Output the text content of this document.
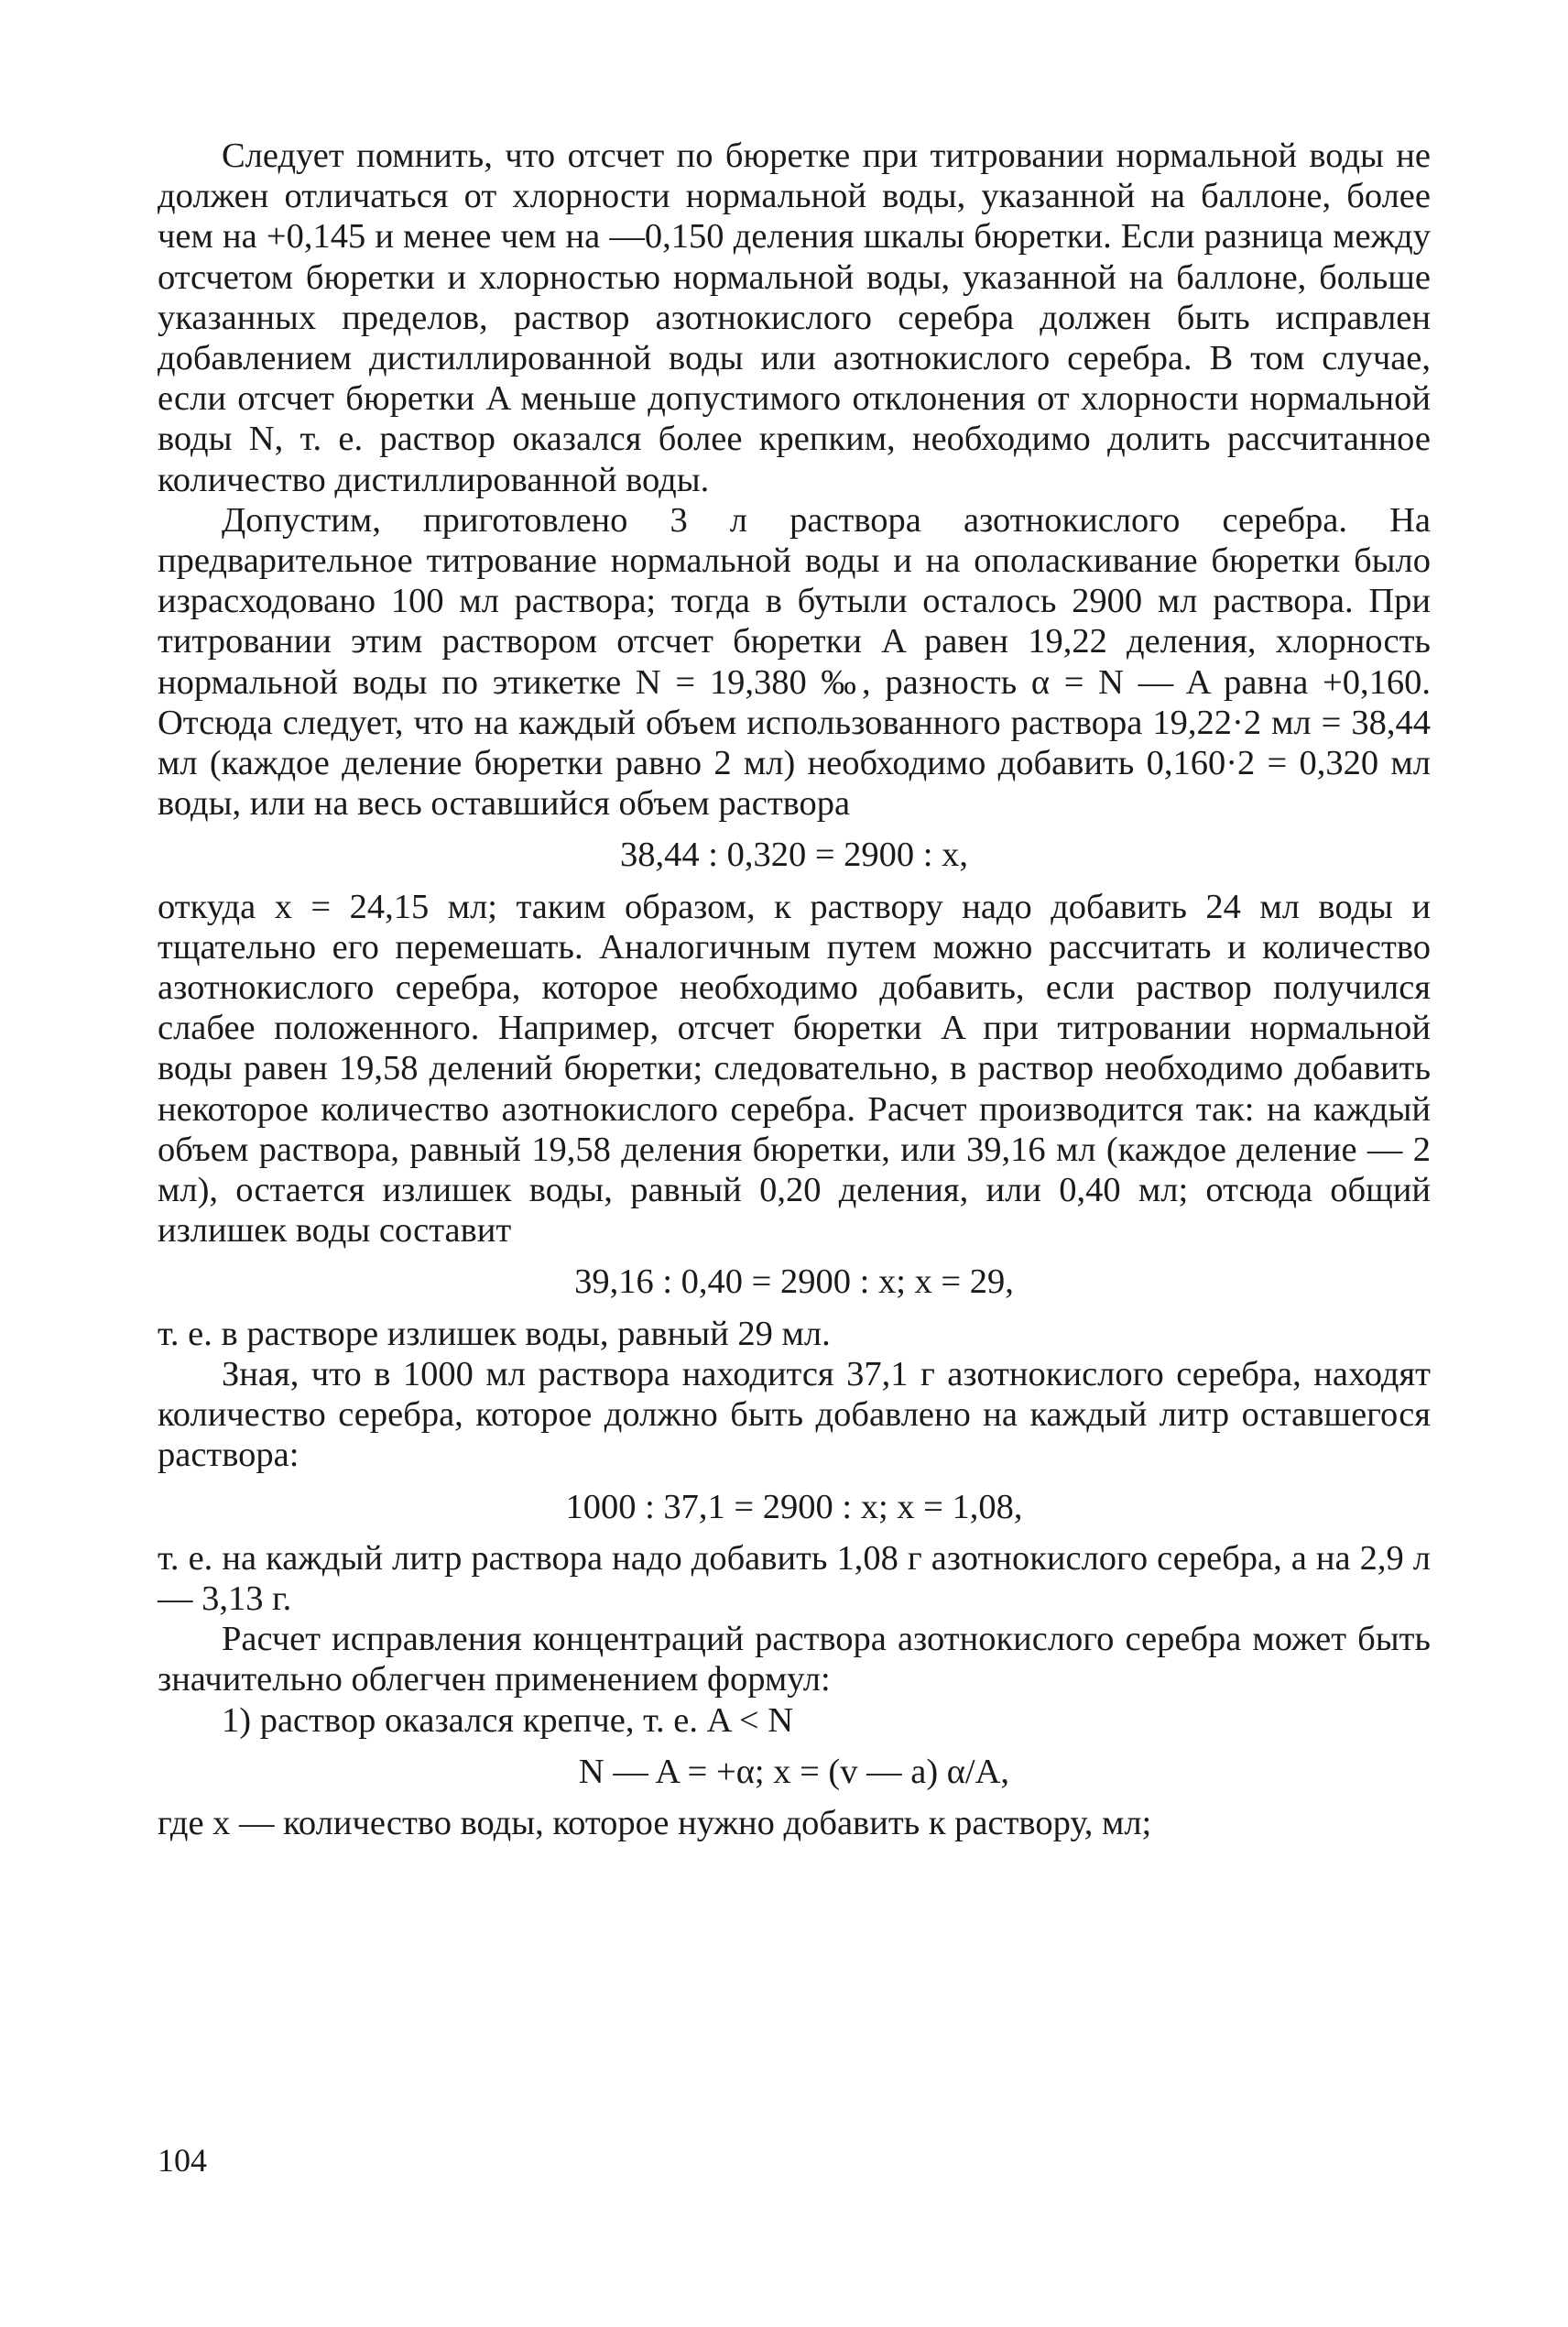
Следует помнить, что отсчет по бюретке при титровании нормальной воды не должен отличаться от хлорности нормальной воды, указанной на баллоне, более чем на +0,145 и менее чем на —0,150 деления шкалы бюретки. Если разница между отсчетом бюретки и хлорностью нормальной воды, указанной на баллоне, больше указанных пределов, раствор азотнокислого серебра должен быть исправлен добавлением дистиллированной воды или азотнокислого серебра. В том случае, если отсчет бюретки A меньше допустимого отклонения от хлорности нормальной воды N, т. е. раствор оказался более крепким, необходимо долить рассчитанное количество дистиллированной воды.

Допустим, приготовлено 3 л раствора азотнокислого серебра. На предварительное титрование нормальной воды и на ополаскивание бюретки было израсходовано 100 мл раствора; тогда в бутыли осталось 2900 мл раствора. При титровании этим раствором отсчет бюретки A равен 19,22 деления, хлорность нормальной воды по этикетке N = 19,380 ‰, разность α = N — A равна +0,160. Отсюда следует, что на каждый объем использованного раствора 19,22·2 мл = 38,44 мл (каждое деление бюретки равно 2 мл) необходимо добавить 0,160·2 = 0,320 мл воды, или на весь оставшийся объем раствора

38,44 : 0,320 = 2900 : x,

откуда x = 24,15 мл; таким образом, к раствору надо добавить 24 мл воды и тщательно его перемешать. Аналогичным путем можно рассчитать и количество азотнокислого серебра, которое необходимо добавить, если раствор получился слабее положенного. Например, отсчет бюретки A при титровании нормальной воды равен 19,58 делений бюретки; следовательно, в раствор необходимо добавить некоторое количество азотнокислого серебра. Расчет производится так: на каждый объем раствора, равный 19,58 деления бюретки, или 39,16 мл (каждое деление — 2 мл), остается излишек воды, равный 0,20 деления, или 0,40 мл; отсюда общий излишек воды составит

39,16 : 0,40 = 2900 : x; x = 29,

т. е. в растворе излишек воды, равный 29 мл.

Зная, что в 1000 мл раствора находится 37,1 г азотнокислого серебра, находят количество серебра, которое должно быть добавлено на каждый литр оставшегося раствора:

1000 : 37,1 = 2900 : x; x = 1,08,

т. е. на каждый литр раствора надо добавить 1,08 г азотнокислого серебра, а на 2,9 л — 3,13 г.

Расчет исправления концентраций раствора азотнокислого серебра может быть значительно облегчен применением формул:

1) раствор оказался крепче, т. е. A < N

N — A = +α; x = (v — a) α/A,

где x — количество воды, которое нужно добавить к раствору, мл;

104
